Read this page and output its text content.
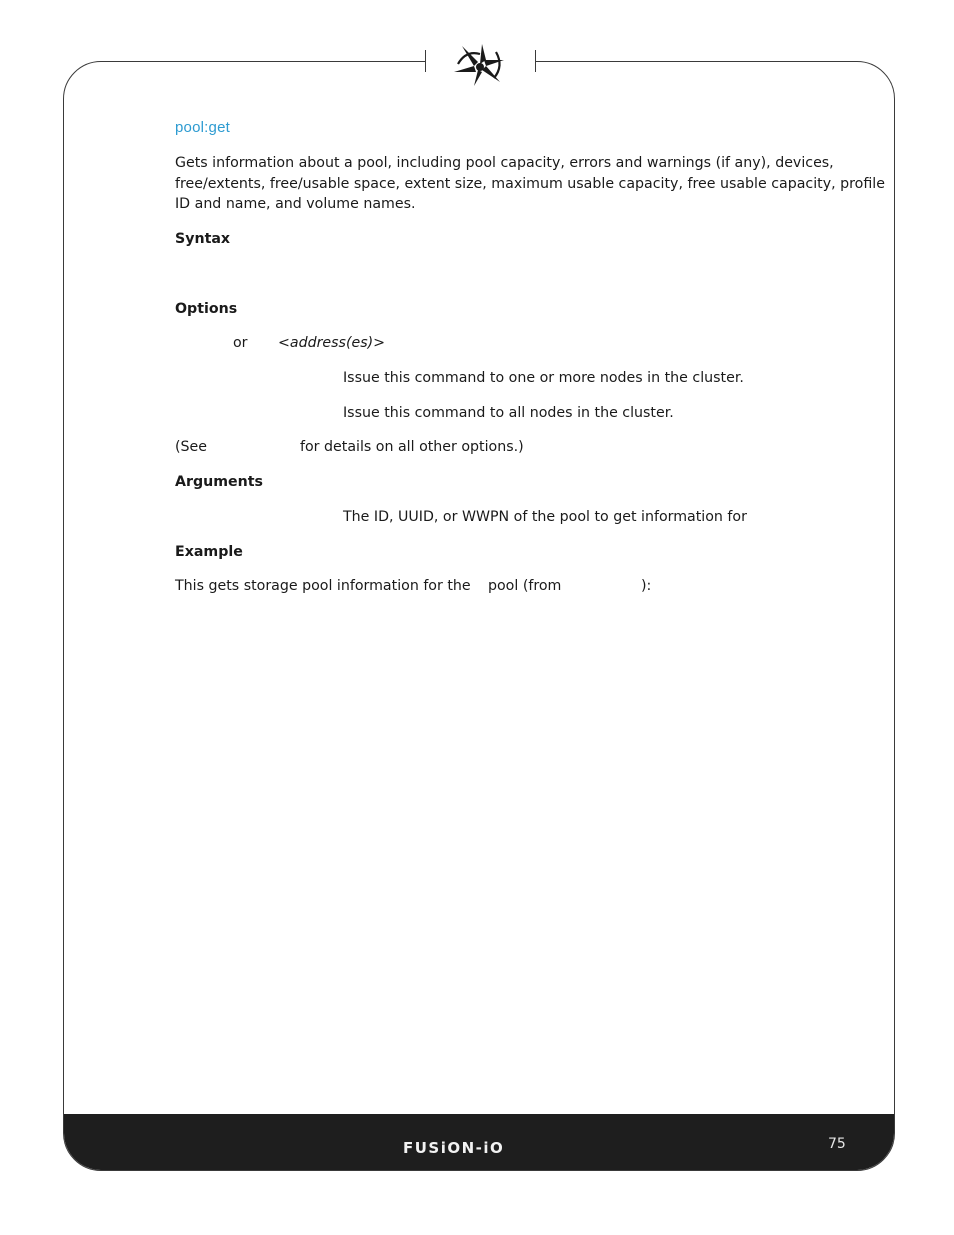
pool:get
Gets information about a pool, including pool capacity, errors and warnings (if any), devices,
free/extents, free/usable space, extent size, maximum usable capacity, free usable capacity, profile
ID and name, and volume names.
Syntax
Options
or <address(es)>
Issue this command to one or more nodes in the cluster.
Issue this command to all nodes in the cluster.
(See	for details on all other options.)
Arguments
The ID, UUID, or WWPN of the pool to get information for
Example
This gets storage pool information for the pool (from	):
FUSiON-iO	75
